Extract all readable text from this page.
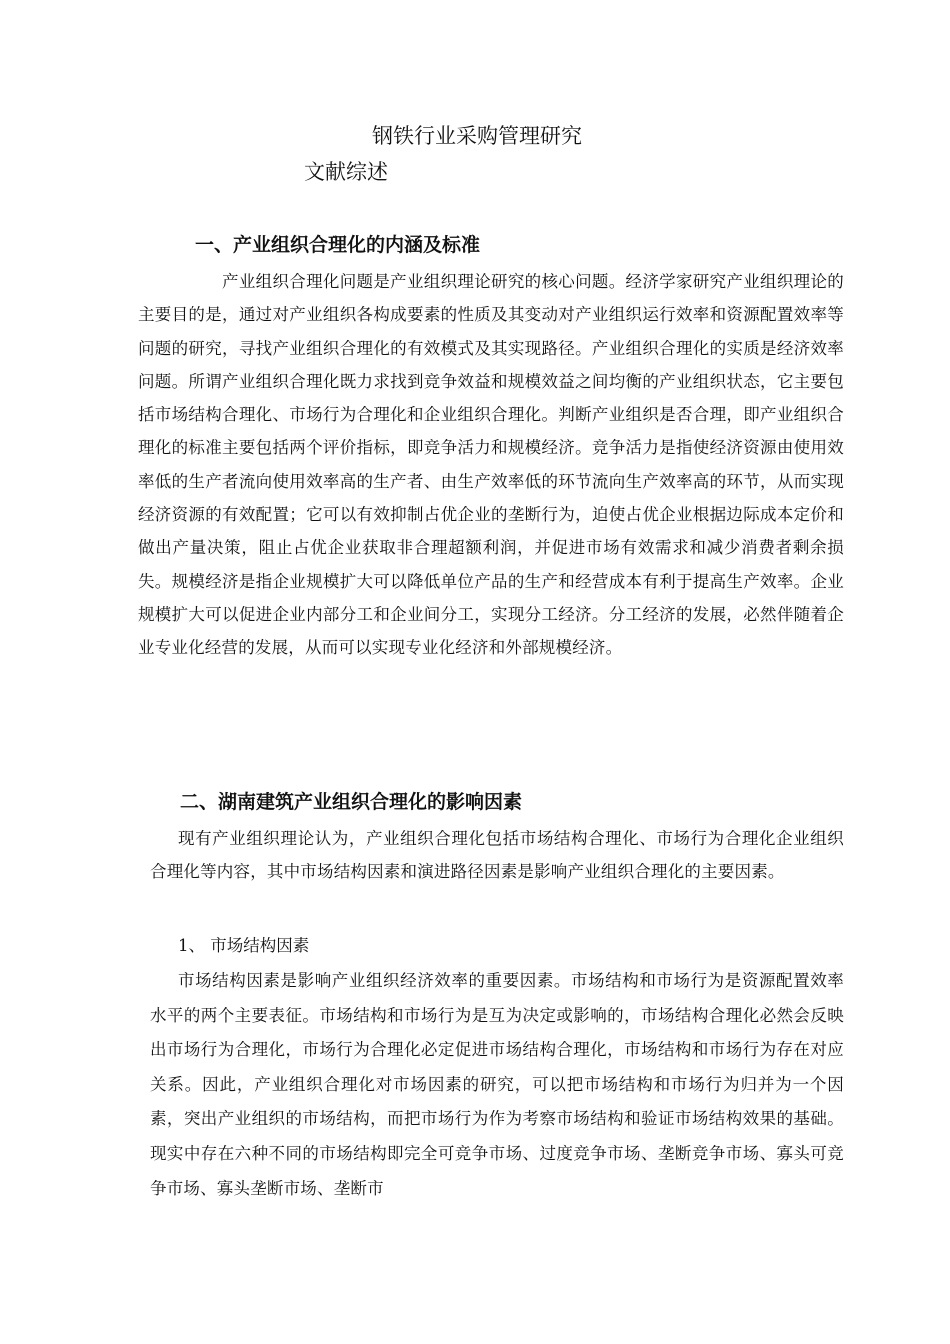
钢铁行业采购管理研究
文献综述
一、产业组织合理化的内涵及标准
产业组织合理化问题是产业组织理论研究的核心问题。经济学家研究产业组织理论的主要目的是，通过对产业组织各构成要素的性质及其变动对产业组织运行效率和资源配置效率等问题的研究，寻找产业组织合理化的有效模式及其实现路径。产业组织合理化的实质是经济效率问题。所谓产业组织合理化既力求找到竞争效益和规模效益之间均衡的产业组织状态，它主要包括市场结构合理化、市场行为合理化和企业组织合理化。判断产业组织是否合理，即产业组织合理化的标准主要包括两个评价指标，即竞争活力和规模经济。竞争活力是指使经济资源由使用效率低的生产者流向使用效率高的生产者、由生产效率低的环节流向生产效率高的环节，从而实现经济资源的有效配置；它可以有效抑制占优企业的垄断行为，迫使占优企业根据边际成本定价和做出产量决策，阻止占优企业获取非合理超额利润，并促进市场有效需求和减少消费者剩余损失。规模经济是指企业规模扩大可以降低单位产品的生产和经营成本有利于提高生产效率。企业规模扩大可以促进企业内部分工和企业间分工，实现分工经济。分工经济的发展，必然伴随着企业专业化经营的发展，从而可以实现专业化经济和外部规模经济。
二、湖南建筑产业组织合理化的影响因素
现有产业组织理论认为，产业组织合理化包括市场结构合理化、市场行为合理化企业组织合理化等内容，其中市场结构因素和演进路径因素是影响产业组织合理化的主要因素。
1、 市场结构因素
市场结构因素是影响产业组织经济效率的重要因素。市场结构和市场行为是资源配置效率水平的两个主要表征。市场结构和市场行为是互为决定或影响的，市场结构合理化必然会反映出市场行为合理化，市场行为合理化必定促进市场结构合理化，市场结构和市场行为存在对应关系。因此，产业组织合理化对市场因素的研究，可以把市场结构和市场行为归并为一个因素，突出产业组织的市场结构，而把市场行为作为考察市场结构和验证市场结构效果的基础。现实中存在六种不同的市场结构即完全可竞争市场、过度竞争市场、垄断竞争市场、寡头可竞争市场、寡头垄断市场、垄断市
